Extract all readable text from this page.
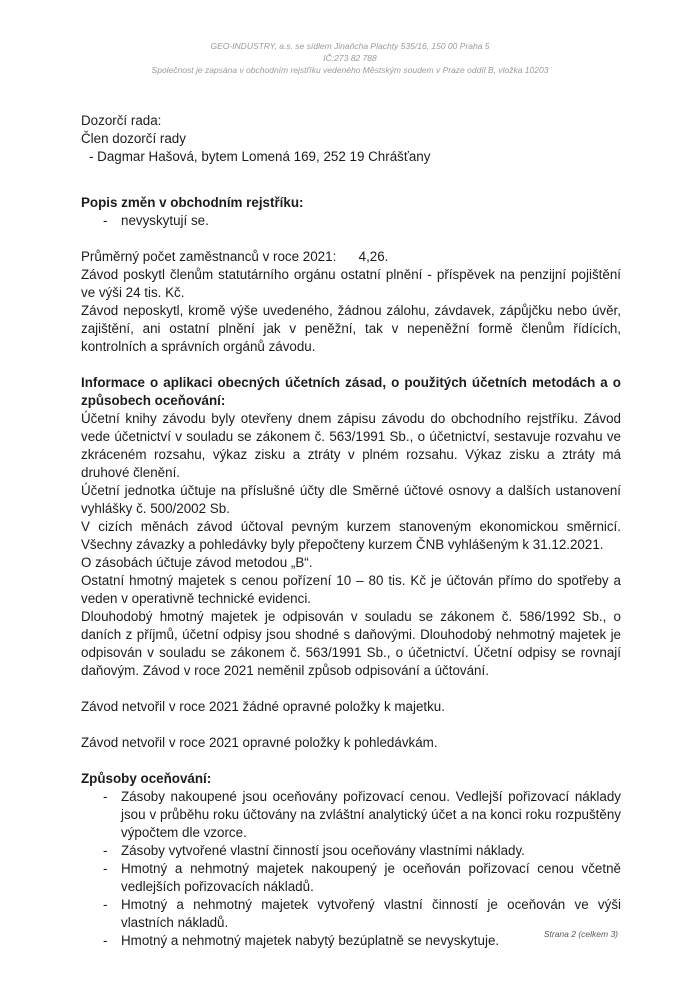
GEO-INDUSTRY, a.s. se sídlem Jinaňcha Plachty 535/16, 150 00 Praha 5
IČ:273 82 788
Společnost je zapsána v obchodním rejstříku vedeného Městským soudem v Praze oddíl B, vložka 10203
Dozorčí rada:
Člen dozorčí rady
- Dagmar Hašová, bytem Lomená 169, 252 19 Chrášťany
Popis změn v obchodním rejstříku:
- nevyskytují se.
Průměrný počet zaměstnanců v roce 2021:      4,26.
Závod poskytl členům statutárního orgánu ostatní plnění - příspěvek na penzijní pojištění ve výši 24 tis. Kč.
Závod neposkytl, kromě výše uvedeného, žádnou zálohu, závdavek, zápůjčku nebo úvěr, zajištění, ani ostatní plnění jak v peněžní, tak v nepeněžní formě členům řídících, kontrolních a správních orgánů závodu.
Informace o aplikaci obecných účetních zásad, o použitých účetních metodách a o způsobech oceňování:
Účetní knihy závodu byly otevřeny dnem zápisu závodu do obchodního rejstříku. Závod vede účetnictví v souladu se zákonem č. 563/1991 Sb., o účetnictví, sestavuje rozvahu ve zkráceném rozsahu, výkaz zisku a ztráty v plném rozsahu. Výkaz zisku a ztráty má druhové členění.
Účetní jednotka účtuje na příslušné účty dle Směrné účtové osnovy a dalších ustanovení vyhlášky č. 500/2002 Sb.
V cizích měnách závod účtoval pevným kurzem stanoveným ekonomickou směrnicí. Všechny závazky a pohledávky byly přepočteny kurzem ČNB vyhlášeným k 31.12.2021.
O zásobách účtuje závod metodou „B“.
Ostatní hmotný majetek s cenou pořízení 10 – 80 tis. Kč je účtován přímo do spotřeby a veden v operativně technické evidenci.
Dlouhodobý hmotný majetek je odpisován v souladu se zákonem č. 586/1992 Sb., o daních z příjmů, účetní odpisy jsou shodné s daňovými. Dlouhodobý nehmotný majetek je odpisován v souladu se zákonem č. 563/1991 Sb., o účetnictví. Účetní odpisy se rovnají daňovým. Závod v roce 2021 neměnil způsob odpisování a účtování.
Závod netvořil v roce 2021 žádné opravné položky k majetku.
Závod netvořil v roce 2021 opravné položky k pohledávkám.
Způsoby oceňování:
- Zásoby nakoupené jsou oceňovány pořizovací cenou. Vedlejší pořizovací náklady jsou v průběhu roku účtovány na zvláštní analytický účet a na konci roku rozpuštěny výpočtem dle vzorce.
- Zásoby vytvořené vlastní činností jsou oceňovány vlastními náklady.
- Hmotný a nehmotný majetek nakoupený je oceňován pořizovací cenou včetně vedlejších pořizovacích nákladů.
- Hmotný a nehmotný majetek vytvořený vlastní činností je oceňován ve výši vlastních nákladů.
- Hmotný a nehmotný majetek nabytý bezúplatně se nevyskytuje.	Strana 2 (celkem 3)
